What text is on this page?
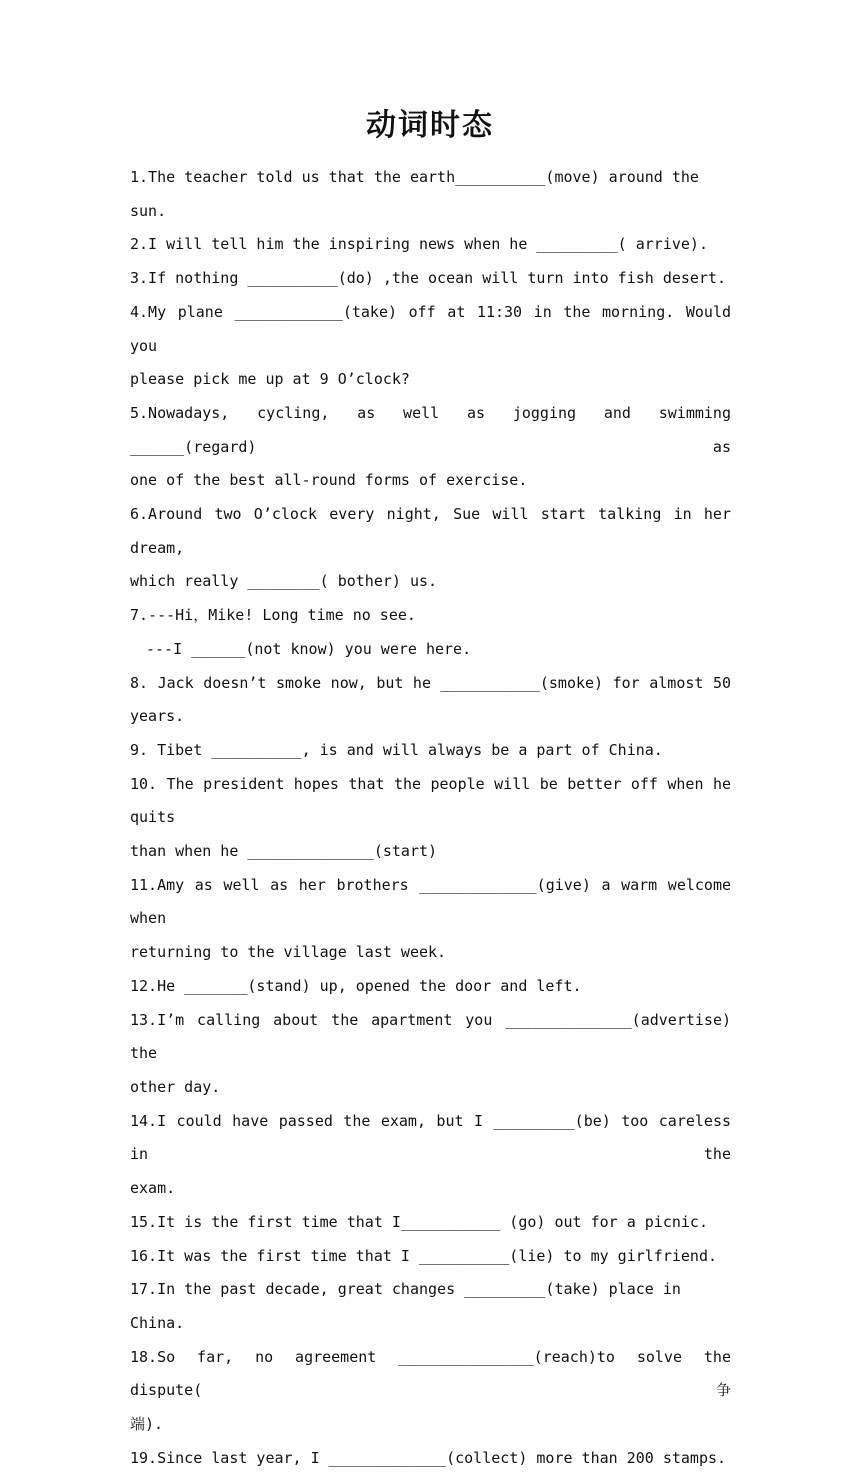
动词时态
1.The teacher told us that the earth__________(move) around the sun.
2.I will tell him the inspiring news when he _________( arrive).
3.If nothing __________(do) ,the ocean will turn into fish desert.
4.My plane ____________(take) off at 11:30 in the morning. Would you
please pick me up at 9 O’clock?
5.Nowadays, cycling, as well as jogging and swimming ______(regard) as
one of the best all-round forms of exercise.
6.Around two O’clock every night, Sue will start talking in her dream,
which really ________( bother) us.
7.---Hi，Mike! Long time no see.
---I ______(not know) you were here.
8. Jack doesn’t smoke now, but he ___________(smoke) for almost 50 years.
9. Tibet __________, is and will always be a part of China.
10. The president hopes that the people will be better off when he quits
than when he ______________(start)
11.Amy as well as her brothers _____________(give) a warm welcome when
returning to the village last week.
12.He _______(stand) up, opened the door and left.
13.I’m calling about the apartment you ______________(advertise) the
other day.
14.I could have passed the exam, but I _________(be) too careless in the
exam.
15.It is the first time that I___________ (go) out for a picnic.
16.It was the first time that I __________(lie) to my girlfriend.
17.In the past decade, great changes _________(take) place in China.
18.So far, no agreement _______________(reach)to solve the dispute(争
端).
19.Since last year, I _____________(collect) more than 200 stamps.
